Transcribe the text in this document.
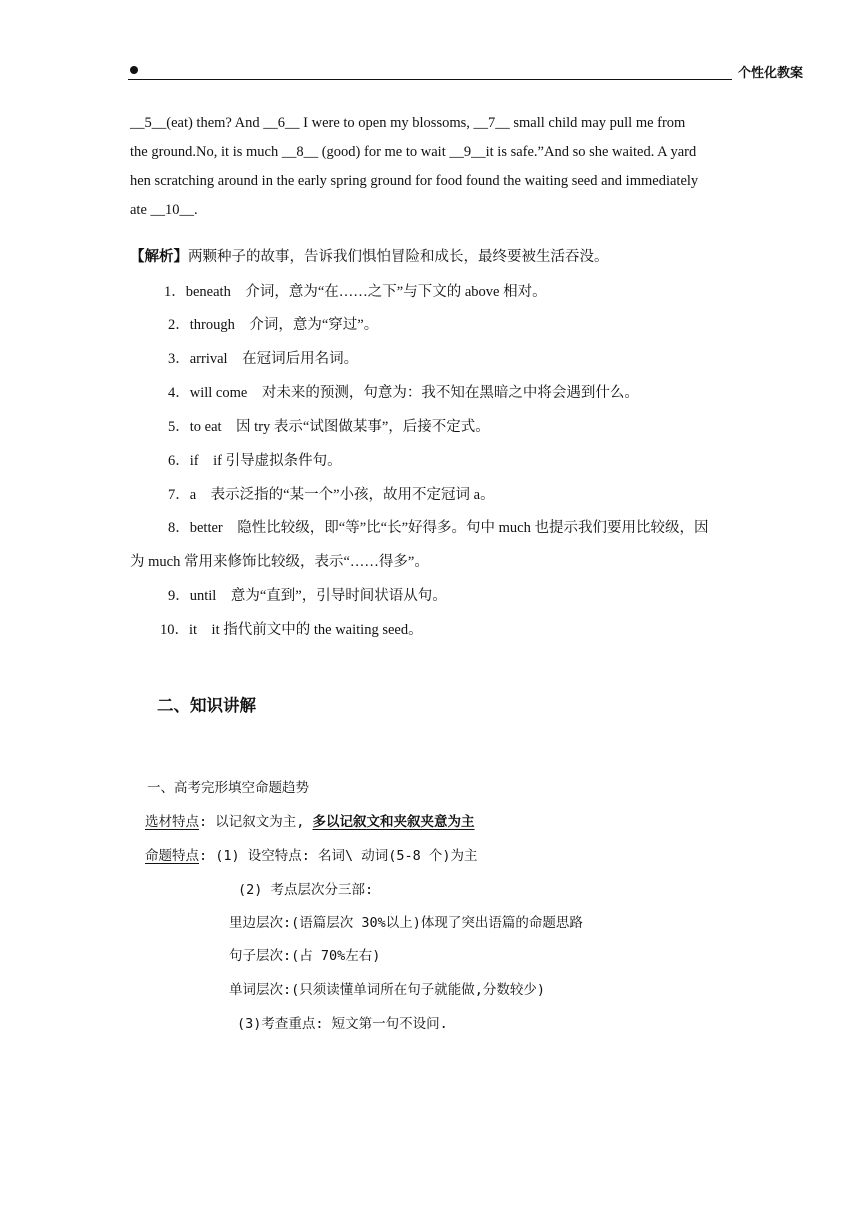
个性化教案
__5__(eat) them? And __6__ I were to open my blossoms, __7__ small child may pull me from
the ground.No, it is much __8__ (good) for me to wait __9__it is safe.”And so she waited. A yard
hen scratching around in the early spring ground for food found the waiting seed and immediately
ate __10__.
【解析】两颗种子的故事，告诉我们惧怕冒险和成长，最终要被生活吞没。
1．beneath　介词，意为“在……之下”与下文的 above 相对。
2．through　介词，意为“穿过”。
3．arrival　在冠词后用名词。
4．will come　对未来的预测，句意为：我不知在黑暗之中将会遇到什么。
5．to eat　因 try 表示“试图做某事”，后接不定式。
6．if　if 引导虚拟条件句。
7．a　表示泛指的“某一个”小孩，故用不定冠词 a。
8．better　隐性比较级，即“等”比“长”好得多。句中 much 也提示我们要用比较级，因
为 much 常用来修饰比较级，表示“……得多”。
9．until　意为“直到”，引导时间状语从句。
10．it　it 指代前文中的 the waiting seed。
二、知识讲解
一、高考完形填空命题趋势
选材特点: 以记叙文为主, 多以记叙文和夹叙夹意为主
命题特点: (1) 设空特点: 名词\ 动词(5-8 个)为主
(2) 考点层次分三部:
里边层次:(语篇层次 30%以上)体现了突出语篇的命题思路
句子层次:(占 70%左右)
单词层次:(只须读懂单词所在句子就能做,分数较少)
(3)考查重点: 短文第一句不设问.
